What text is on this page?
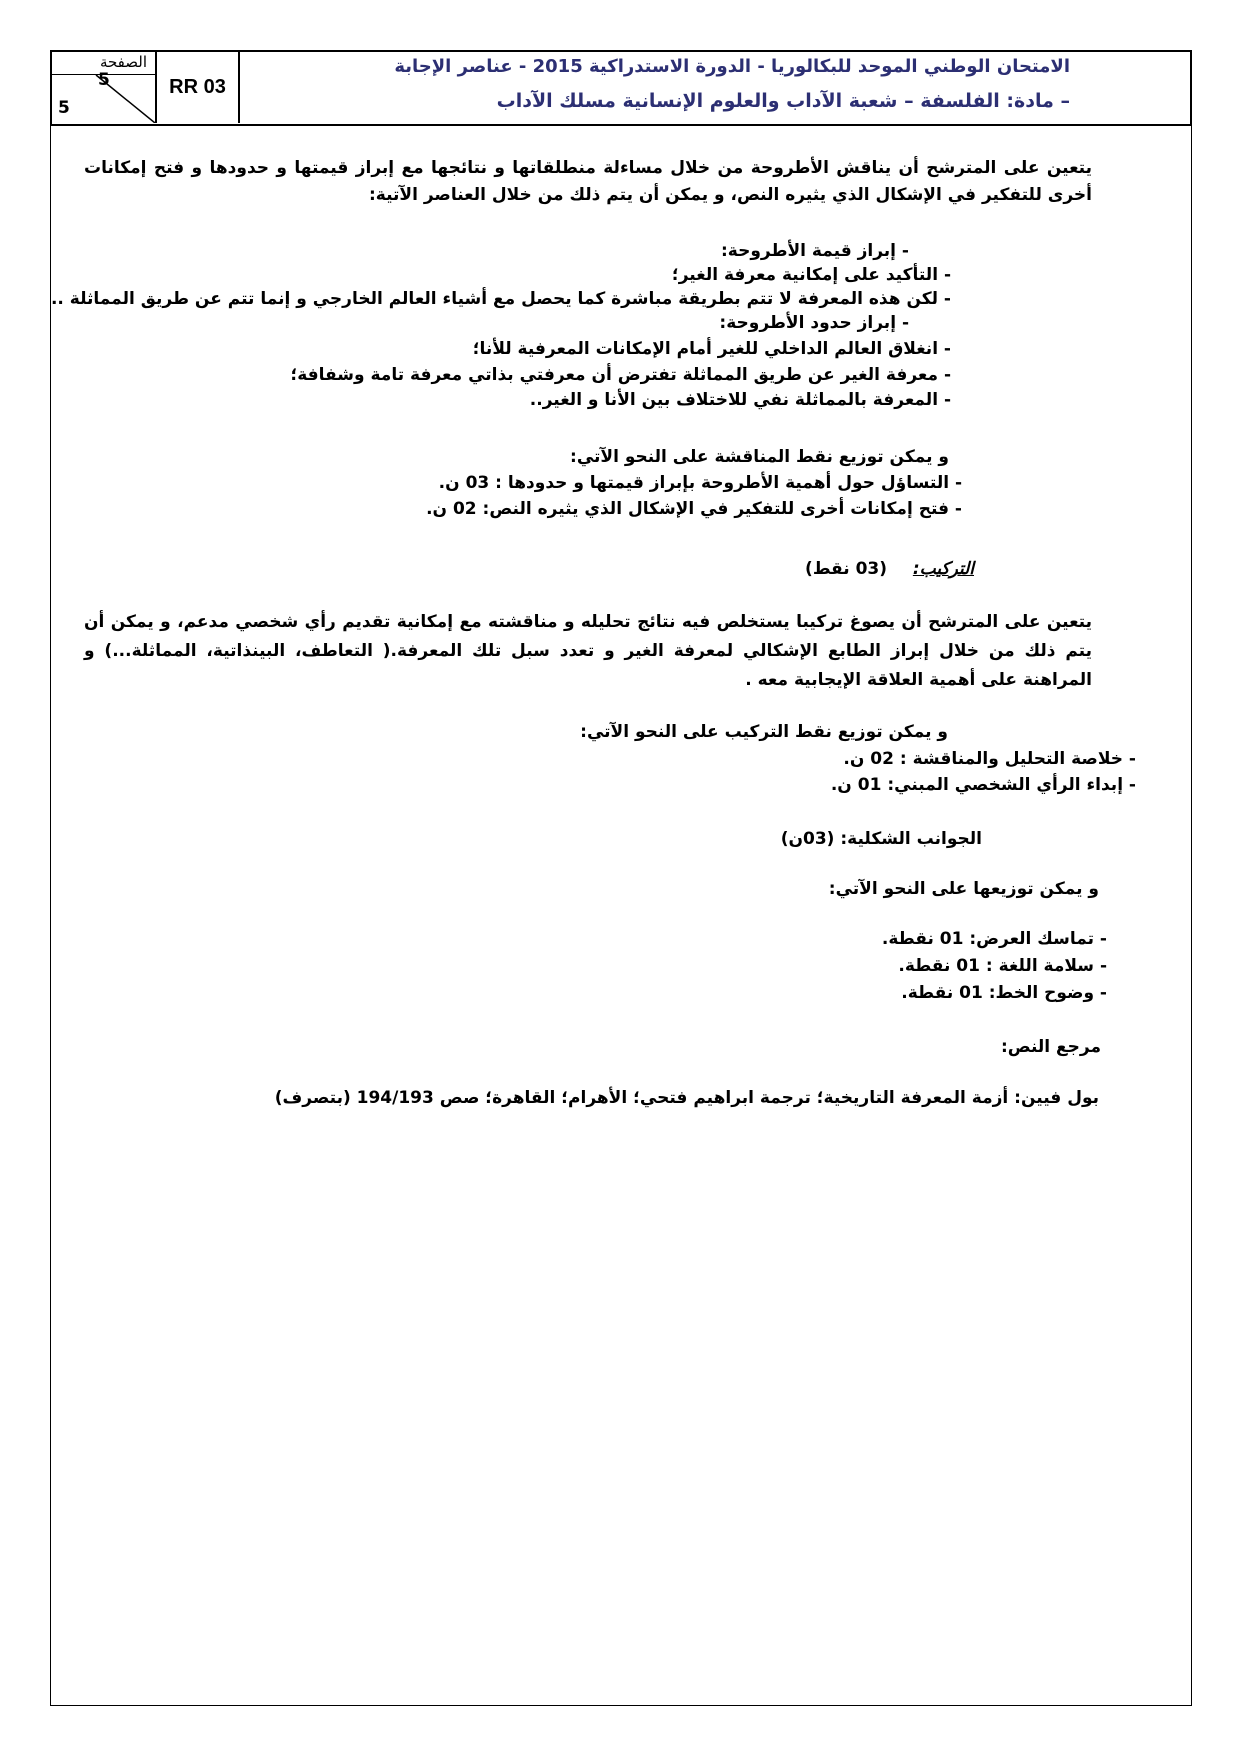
الصفحة
5
5
RR 03
الامتحان الوطني الموحد للبكالوريا - الدورة الاستدراكية 2015 - عناصر الإجابة
– مادة: الفلسفة – شعبة الآداب والعلوم الإنسانية مسلك الآداب
يتعين على المترشح أن يناقش الأطروحة من خلال مساءلة منطلقاتها و نتائجها مع إبراز قيمتها و حدودها و فتح إمكانات أخرى للتفكير في الإشكال الذي يثيره النص، و يمكن أن يتم ذلك من خلال العناصر الآتية:
- إبراز قيمة الأطروحة:
- التأكيد على إمكانية معرفة الغير؛
- لكن هذه المعرفة لا تتم بطريقة مباشرة كما يحصل مع أشياء العالم الخارجي و إنما تتم عن طريق المماثلة ..
- إبراز حدود الأطروحة:
- انغلاق العالم الداخلي للغير أمام الإمكانات المعرفية للأنا؛
- معرفة الغير عن طريق المماثلة تفترض أن معرفتي بذاتي معرفة تامة وشفافة؛
- المعرفة بالمماثلة نفي للاختلاف بين الأنا و الغير..
و يمكن توزيع نقط المناقشة على النحو الآتي:
- التساؤل حول أهمية الأطروحة بإبراز قيمتها و حدودها : 03 ن.
- فتح إمكانات أخرى للتفكير في الإشكال الذي يثيره النص: 02 ن.
التركيب:  (03 نقط)
يتعين على المترشح أن يصوغ تركيبا يستخلص فيه نتائج تحليله و مناقشته مع إمكانية تقديم رأي شخصي مدعم، و يمكن أن يتم ذلك من خلال إبراز الطابع الإشكالي لمعرفة الغير و تعدد سبل تلك المعرفة.( التعاطف، البينذاتية، المماثلة...) و المراهنة على أهمية العلاقة الإيجابية معه .
و يمكن توزيع نقط التركيب على النحو الآتي:
- خلاصة التحليل والمناقشة : 02 ن.
- إبداء الرأي الشخصي المبني: 01 ن.
الجوانب الشكلية: (03ن)
و يمكن توزيعها على النحو الآتي:
- تماسك العرض: 01 نقطة.
- سلامة اللغة : 01 نقطة.
- وضوح الخط: 01 نقطة.
مرجع النص:
بول فيين: أزمة المعرفة التاريخية؛ ترجمة ابراهيم فتحي؛ الأهرام؛ القاهرة؛ صص 194/193 (بتصرف)
